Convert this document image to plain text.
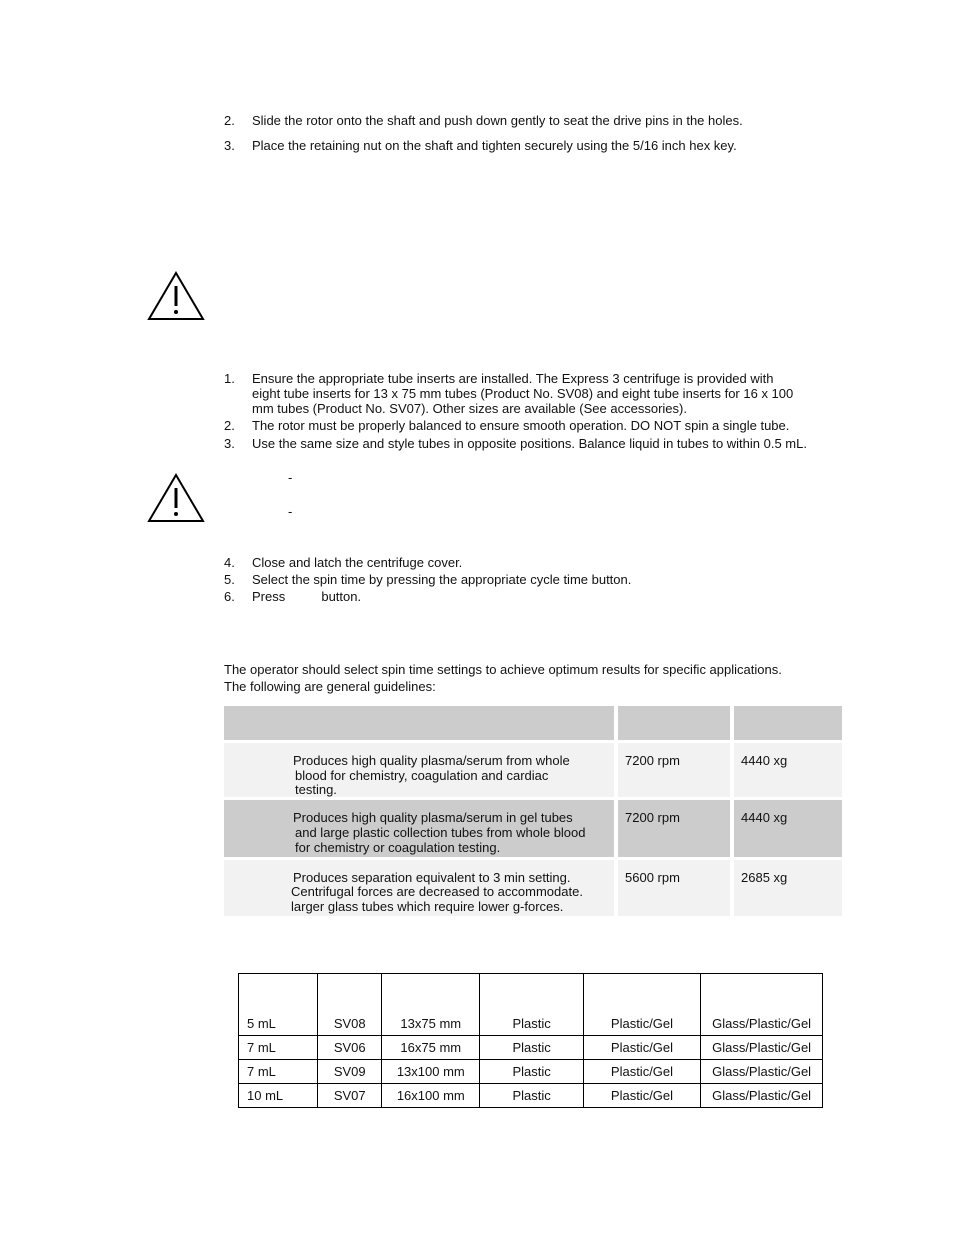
2. Slide the rotor onto the shaft and push down gently to seat the drive pins in the holes.
3. Place the retaining nut on the shaft and tighten securely using the 5/16 inch hex key.
1. Ensure the appropriate tube inserts are installed. The Express 3 centrifuge is provided with
eight tube inserts for 13 x 75 mm tubes (Product No. SV08) and eight tube inserts for 16 x 100
mm tubes (Product No. SV07). Other sizes are available (See accessories).
2. The rotor must be properly balanced to ensure smooth operation. DO NOT spin a single tube.
3. Use the same size and style tubes in opposite positions. Balance liquid in tubes to within 0.5 mL.
-
-
4. Close and latch the centrifuge cover.
5. Select the spin time by pressing the appropriate cycle time button.
6. Press          button.
The operator should select spin time settings to achieve optimum results for specific applications.
The following are general guidelines:
Produces high quality plasma/serum from whole
blood for chemistry, coagulation and cardiac
testing.
7200 rpm	4440 xg
Produces high quality plasma/serum in gel tubes
and large plastic collection tubes from whole blood
for chemistry or coagulation testing.
7200 rpm	4440 xg
Produces separation equivalent to 3 min setting.
Centrifugal forces are decreased to accommodate.
larger glass tubes which require lower g-forces.
5600 rpm	2685 xg

5 mL	SV08	13x75 mm	Plastic	Plastic/Gel	Glass/Plastic/Gel
7 mL	SV06	16x75 mm	Plastic	Plastic/Gel	Glass/Plastic/Gel
7 mL	SV09	13x100 mm	Plastic	Plastic/Gel	Glass/Plastic/Gel
10 mL	SV07	16x100 mm	Plastic	Plastic/Gel	Glass/Plastic/Gel
